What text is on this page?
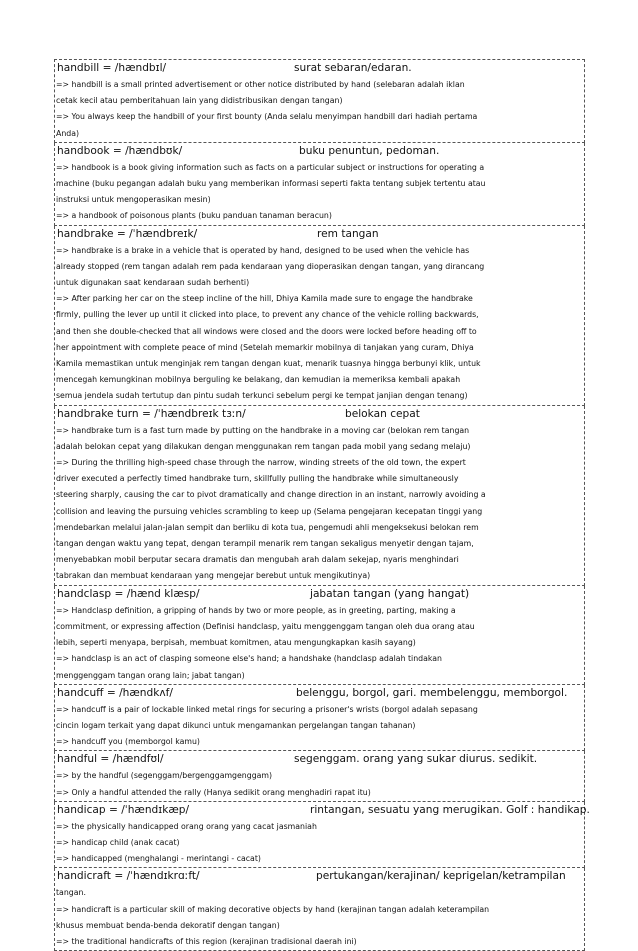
handbill = /hændbɪl/	surat sebaran/edaran.
=> handbill is a small printed advertisement or other notice distributed by hand (selebaran adalah iklan
cetak kecil atau pemberitahuan lain yang didistribusikan dengan tangan)
=> You always keep the handbill of your first bounty (Anda selalu menyimpan handbill dari hadiah pertama
Anda)
handbook = /hændbʊk/	buku penuntun, pedoman.
=> handbook is a book giving information such as facts on a particular subject or instructions for operating a
machine (buku pegangan adalah buku yang memberikan informasi seperti fakta tentang subjek tertentu atau
instruksi untuk mengoperasikan mesin)
=> a handbook of poisonous plants (buku panduan tanaman beracun)
handbrake = /ˈhændbreɪk/	rem tangan
=> handbrake is a brake in a vehicle that is operated by hand, designed to be used when the vehicle has
already stopped (rem tangan adalah rem pada kendaraan yang dioperasikan dengan tangan, yang dirancang
untuk digunakan saat kendaraan sudah berhenti)
=> After parking her car on the steep incline of the hill, Dhiya Kamila made sure to engage the handbrake
firmly, pulling the lever up until it clicked into place, to prevent any chance of the vehicle rolling backwards,
and then she double-checked that all windows were closed and the doors were locked before heading off to
her appointment with complete peace of mind (Setelah memarkir mobilnya di tanjakan yang curam, Dhiya
Kamila memastikan untuk menginjak rem tangan dengan kuat, menarik tuasnya hingga berbunyi klik, untuk
mencegah kemungkinan mobilnya berguling ke belakang, dan kemudian ia memeriksa kembali apakah
semua jendela sudah tertutup dan pintu sudah terkunci sebelum pergi ke tempat janjian dengan tenang)
handbrake turn = /ˈhændbreɪk tɜːn/	belokan cepat
=> handbrake turn is a fast turn made by putting on the handbrake in a moving car (belokan rem tangan
adalah belokan cepat yang dilakukan dengan menggunakan rem tangan pada mobil yang sedang melaju)
=> During the thrilling high-speed chase through the narrow, winding streets of the old town, the expert
driver executed a perfectly timed handbrake turn, skillfully pulling the handbrake while simultaneously
steering sharply, causing the car to pivot dramatically and change direction in an instant, narrowly avoiding a
collision and leaving the pursuing vehicles scrambling to keep up (Selama pengejaran kecepatan tinggi yang
mendebarkan melalui jalan-jalan sempit dan berliku di kota tua, pengemudi ahli mengeksekusi belokan rem
tangan dengan waktu yang tepat, dengan terampil menarik rem tangan sekaligus menyetir dengan tajam,
menyebabkan mobil berputar secara dramatis dan mengubah arah dalam sekejap, nyaris menghindari
tabrakan dan membuat kendaraan yang mengejar berebut untuk mengikutinya)
handclasp = /hænd klæsp/	jabatan tangan (yang hangat)
=> Handclasp definition, a gripping of hands by two or more people, as in greeting, parting, making a
commitment, or expressing affection (Definisi handclasp, yaitu menggenggam tangan oleh dua orang atau
lebih, seperti menyapa, berpisah, membuat komitmen, atau mengungkapkan kasih sayang)
=> handclasp is an act of clasping someone else's hand; a handshake (handclasp adalah tindakan
menggenggam tangan orang lain; jabat tangan)
handcuff = /hændkʌf/	belenggu, borgol, gari. membelenggu, memborgol.
=> handcuff is a pair of lockable linked metal rings for securing a prisoner's wrists (borgol adalah sepasang
cincin logam terkait yang dapat dikunci untuk mengamankan pergelangan tangan tahanan)
=> handcuff you (memborgol kamu)
handful = /hændfʊl/	segenggam. orang yang sukar diurus. sedikit.
=> by the handful (segenggam/bergenggamgenggam)
=> Only a handful attended the rally (Hanya sedikit orang menghadiri rapat itu)
handicap = /ˈhændɪkæp/	rintangan, sesuatu yang merugikan. Golf : handikap.
=> the physically handicapped orang orang yang cacat jasmaniah
=> handicap child (anak cacat)
=> handicapped (menghalangi - merintangi - cacat)
handicraft = /ˈhændɪkrɑːft/	pertukangan/kerajinan/ keprigelan/ketrampilan
tangan.
=> handicraft is a particular skill of making decorative objects by hand (kerajinan tangan adalah keterampilan
khusus membuat benda-benda dekoratif dengan tangan)
=> the traditional handicrafts of this region (kerajinan tradisional daerah ini)
